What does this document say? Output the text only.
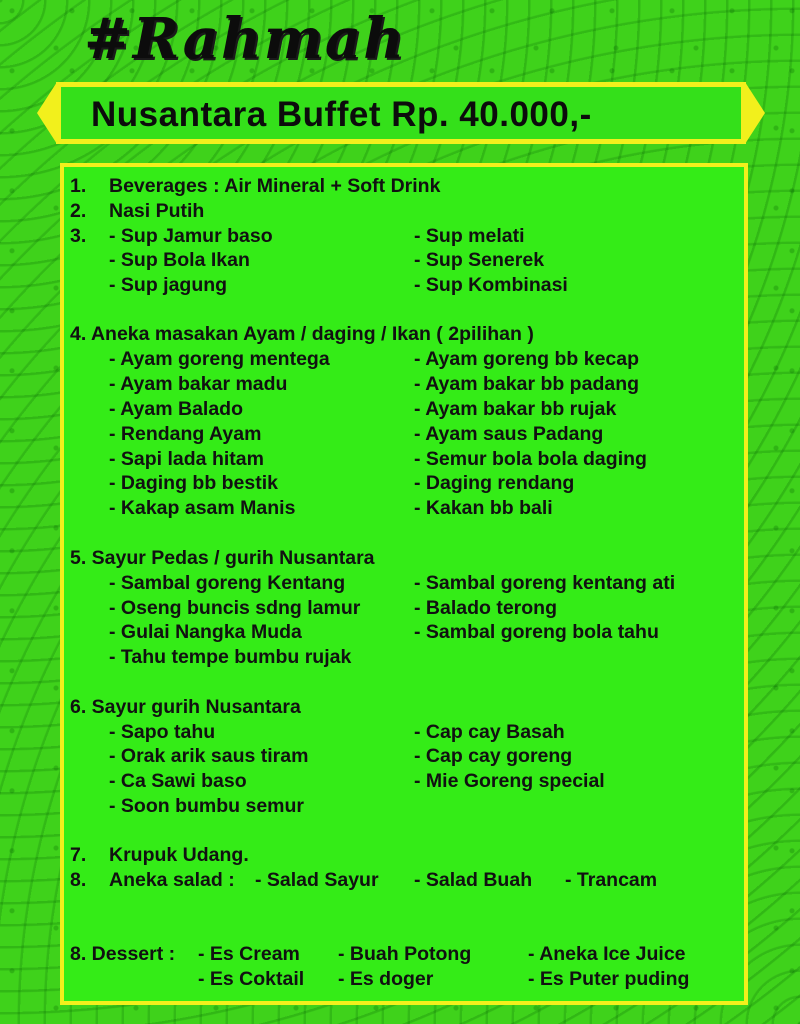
#Rahmah
Nusantara Buffet Rp. 40.000,-
1. Beverages : Air Mineral + Soft Drink
2. Nasi Putih
3. - Sup Jamur baso
- Sup Bola Ikan
- Sup jagung
- Sup melati
- Sup Senerek
- Sup Kombinasi
4. Aneka masakan Ayam / daging / Ikan ( 2pilihan )
- Ayam goreng mentega
- Ayam bakar madu
- Ayam Balado
- Rendang Ayam
- Sapi lada hitam
- Daging bb bestik
- Kakap asam Manis
- Ayam goreng bb kecap
- Ayam bakar bb padang
- Ayam bakar bb rujak
- Ayam saus Padang
- Semur bola bola daging
- Daging rendang
- Kakan bb bali
5. Sayur Pedas / gurih Nusantara
- Sambal goreng Kentang
- Oseng buncis sdng lamur
- Gulai Nangka Muda
- Tahu tempe bumbu rujak
- Sambal goreng kentang ati
- Balado terong
- Sambal goreng bola tahu
6. Sayur gurih Nusantara
- Sapo tahu
- Orak arik saus tiram
- Ca Sawi baso
- Soon bumbu semur
- Cap cay Basah
- Cap cay goreng
- Mie Goreng special
7. Krupuk Udang.
8. Aneka salad : - Salad Sayur - Salad Buah - Trancam
8. Dessert : - Es Cream
- Es Coktail
- Buah Potong
- Es doger
- Aneka Ice Juice
- Es Puter puding
